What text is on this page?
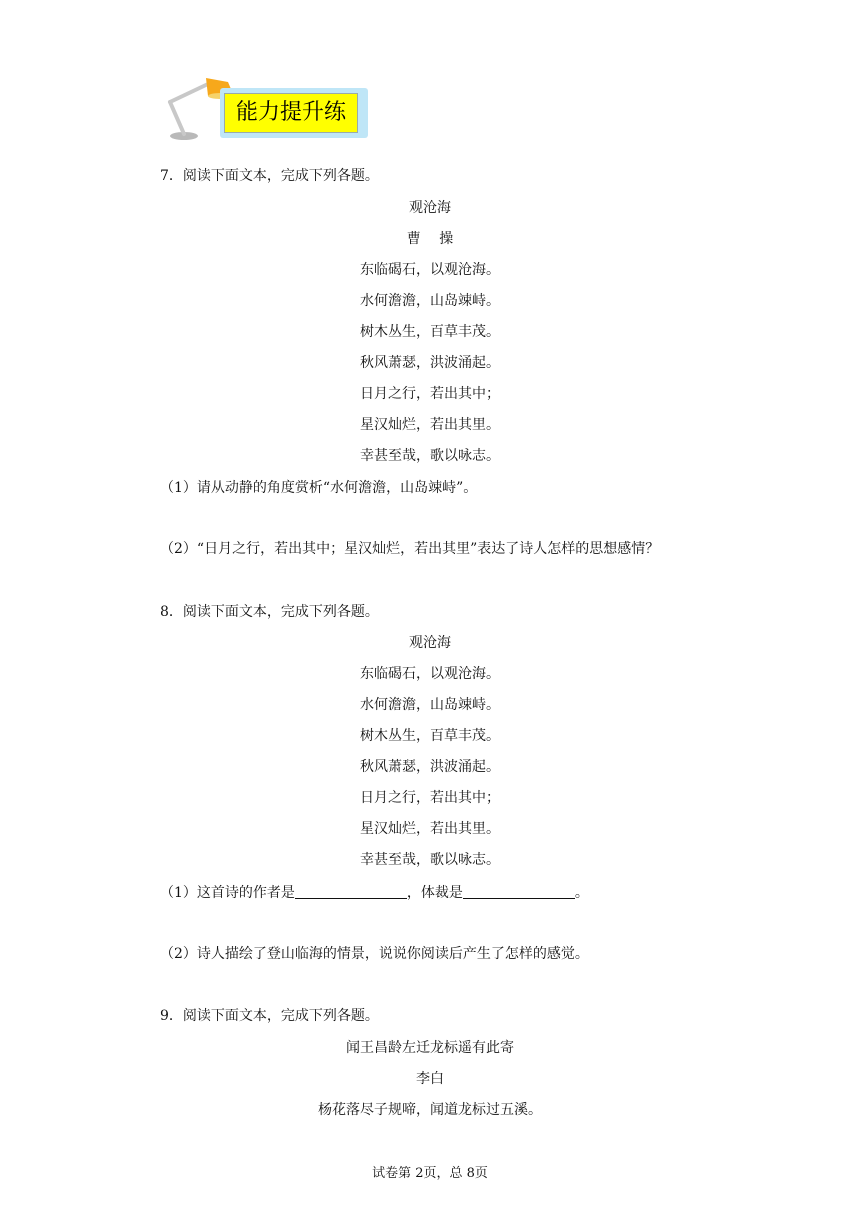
能力提升练
7．阅读下面文本，完成下列各题。
观沧海
曹　 操
东临碣石，以观沧海。
水何澹澹，山岛竦峙。
树木丛生，百草丰茂。
秋风萧瑟，洪波涌起。
日月之行，若出其中；
星汉灿烂，若出其里。
幸甚至哉，歌以咏志。
（1）请从动静的角度赏析“水何澹澹，山岛竦峙”。
（2）“日月之行，若出其中；星汉灿烂，若出其里”表达了诗人怎样的思想感情？
8．阅读下面文本，完成下列各题。
观沧海
东临碣石，以观沧海。
水何澹澹，山岛竦峙。
树木丛生，百草丰茂。
秋风萧瑟，洪波涌起。
日月之行，若出其中；
星汉灿烂，若出其里。
幸甚至哉，歌以咏志。
（1）这首诗的作者是	，体裁是	。
（2）诗人描绘了登山临海的情景，说说你阅读后产生了怎样的感觉。
9．阅读下面文本，完成下列各题。
闻王昌龄左迁龙标遥有此寄
李白
杨花落尽子规啼，闻道龙标过五溪。
试卷第 2页，总 8页
